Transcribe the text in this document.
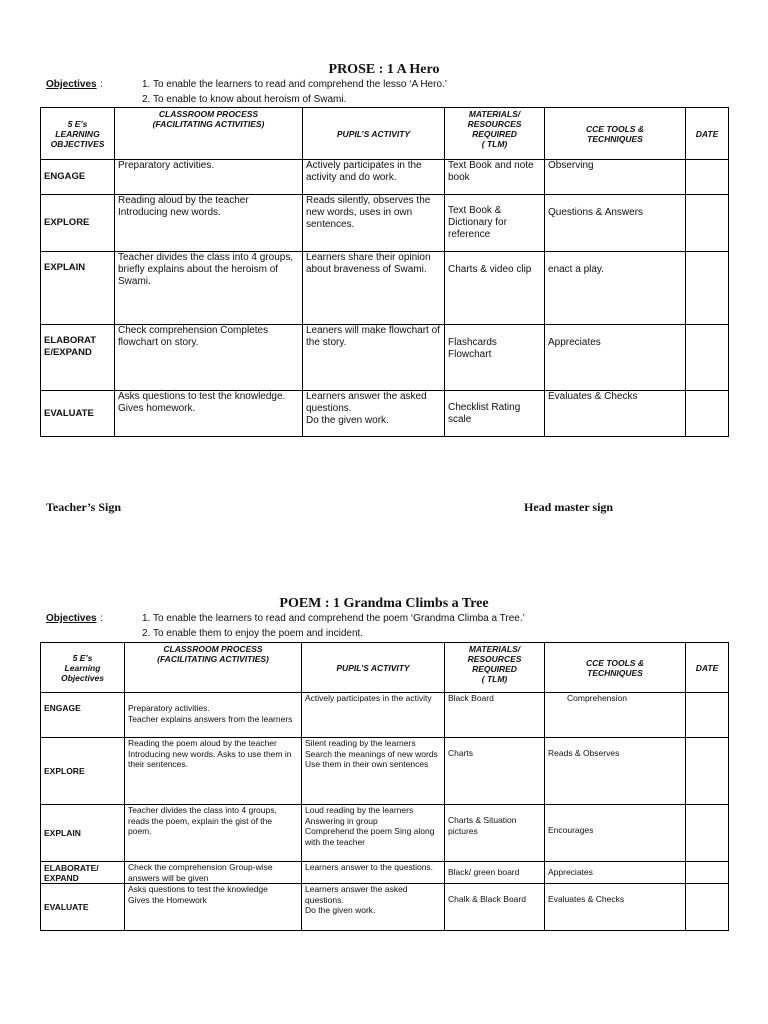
PROSE : 1 A Hero
Objectives :	1. To enable the learners to read and comprehend the lesso ‘A Hero.’
2. To enable to know about heroism of Swami.
5 E’s
LEARNING
OBJECTIVES	CLASSROOM PROCESS
(FACILITATING ACTIVITIES)	PUPIL’S ACTIVITY	MATERIALS/
RESOURCES
REQUIRED
( TLM)	CCE TOOLS &
TECHNIQUES	DATE
ENGAGE	Preparatory activities.	Actively participates in the activity and do work.	Text Book and note book	Observing	
EXPLORE	Reading aloud by the teacher
Introducing new words.	Reads silently, observes the new words, uses in own sentences.	Text Book &
Dictionary for reference	Questions & Answers	
EXPLAIN	Teacher divides the class into 4 groups, briefly explains about the heroism of Swami.	Learners share their opinion about braveness of Swami.	Charts & video clip	enact a play.	
ELABORAT
E/EXPAND	Check comprehension Completes flowchart on story.	Leaners will make flowchart of the story.	Flashcards
Flowchart	Appreciates	
EVALUATE	Asks questions to test the knowledge.
Gives homework.	Learners answer the asked questions.
Do the given work.	Checklist Rating scale	Evaluates & Checks	
Teacher’s Sign	Head master sign
POEM : 1 Grandma Climbs a Tree
Objectives :	1. To enable the learners to read and comprehend the poem ‘Grandma Climba a Tree.’
2. To enable them to enjoy the poem and incident.
5 E’s
Learning
Objectives	CLASSROOM PROCESS
(FACILITATING ACTIVITIES)	PUPIL’S ACTIVITY	MATERIALS/
RESOURCES
REQUIRED
( TLM)	CCE TOOLS &
TECHNIQUES	DATE
ENGAGE	Preparatory activities.
Teacher explains answers from the learners	Actively participates in the activity	Black Board	Comprehension	
EXPLORE	Reading the poem aloud by the teacher
Introducing new words. Asks to use them in their sentences.	Silent reading by the learners
Search the meanings of new words
Use them in their own sentences	Charts	Reads & Observes	
EXPLAIN	Teacher divides the class into 4 groups, reads the poem, explain the gist of the poem.	Loud reading by the learners
Answering in group
Comprehend the poem Sing along with the teacher	Charts & Situation pictures	Encourages	
ELABORATE/
EXPAND	Check the comprehension Group-wise answers will be given	Learners answer to the questions.	Black/ green board	Appreciates	
EVALUATE	Asks questions to test the knowledge
Gives the Homework	Learners answer the asked questions.
Do the given work.	Chalk & Black Board	Evaluates & Checks	
